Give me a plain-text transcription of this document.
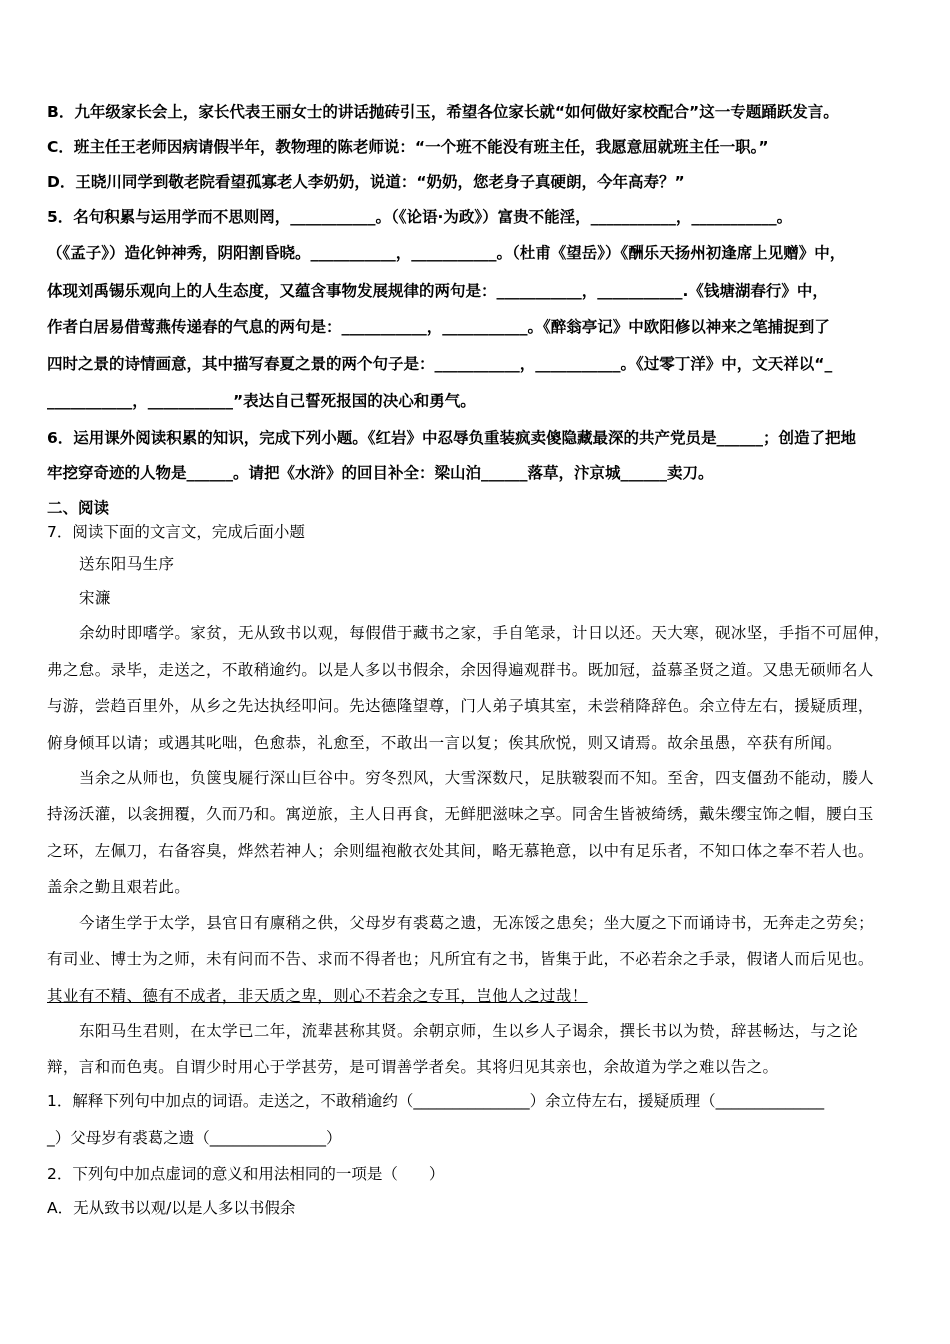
B．九年级家长会上，家长代表王丽女士的讲话抛砖引玉，希望各位家长就“如何做好家校配合”这一专题踊跃发言。
C．班主任王老师因病请假半年，教物理的陈老师说：“一个班不能没有班主任，我愿意屈就班主任一职。”
D．王晓川同学到敬老院看望孤寡老人李奶奶，说道：“奶奶，您老身子真硬朗，今年高寿？”
5．名句积累与运用学而不思则罔，___________。（《论语·为政》）富贵不能淫，___________，___________。
（《孟子》）造化钟神秀，阴阳割昏晓。___________，___________。（杜甫《望岳》）《酬乐天扬州初逢席上见赠》中，
体现刘禹锡乐观向上的人生态度，又蕴含事物发展规律的两句是：___________，___________.《钱塘湖春行》中，
作者白居易借莺燕传递春的气息的两句是：___________，___________。《醉翁亭记》中欧阳修以神来之笔捕捉到了
四时之景的诗情画意，其中描写春夏之景的两个句子是：___________，___________。《过零丁洋》中，文天祥以“_
___________，___________”表达自己誓死报国的决心和勇气。
6．运用课外阅读积累的知识，完成下列小题。《红岩》中忍辱负重装疯卖傻隐藏最深的共产党员是______；创造了把地
牢挖穿奇迹的人物是______。请把《水浒》的回目补全：梁山泊______落草，汴京城______卖刀。
二、阅读
7．阅读下面的文言文，完成后面小题
送东阳马生序
宋濂
余幼时即嗜学。家贫，无从致书以观，每假借于藏书之家，手自笔录，计日以还。天大寒，砚冰坚，手指不可屈伸，
弗之怠。录毕，走送之，不敢稍逾约。以是人多以书假余，余因得遍观群书。既加冠，益慕圣贤之道。又患无硕师名人
与游，尝趋百里外，从乡之先达执经叩问。先达德隆望尊，门人弟子填其室，未尝稍降辞色。余立侍左右，援疑质理，
俯身倾耳以请；或遇其叱咄，色愈恭，礼愈至，不敢出一言以复；俟其欣悦，则又请焉。故余虽愚，卒获有所闻。
当余之从师也，负箧曳屣行深山巨谷中。穷冬烈风，大雪深数尺，足肤皲裂而不知。至舍，四支僵劲不能动，媵人
持汤沃灌，以衾拥覆，久而乃和。寓逆旅，主人日再食，无鲜肥滋味之享。同舍生皆被绮绣，戴朱缨宝饰之帽，腰白玉
之环，左佩刀，右备容臭，烨然若神人；余则缊袍敝衣处其间，略无慕艳意，以中有足乐者，不知口体之奉不若人也。
盖余之勤且艰若此。
今诸生学于太学，县官日有廪稍之供，父母岁有裘葛之遗，无冻馁之患矣；坐大厦之下而诵诗书，无奔走之劳矣；
有司业、博士为之师，未有问而不告、求而不得者也；凡所宜有之书，皆集于此，不必若余之手录，假诸人而后见也。
其业有不精、德有不成者，非天质之卑，则心不若余之专耳，岂他人之过哉！
东阳马生君则，在太学已二年，流辈甚称其贤。余朝京师，生以乡人子谒余，撰长书以为贽，辞甚畅达，与之论
辩，言和而色夷。自谓少时用心于学甚劳，是可谓善学者矣。其将归见其亲也，余故道为学之难以告之。
1．解释下列句中加点的词语。走送之，不敢稍逾约（_______________）余立侍左右，援疑质理（______________
_）父母岁有裘葛之遗（_______________）
2．下列句中加点虚词的意义和用法相同的一项是（　　）
A．无从致书以观/以是人多以书假余
